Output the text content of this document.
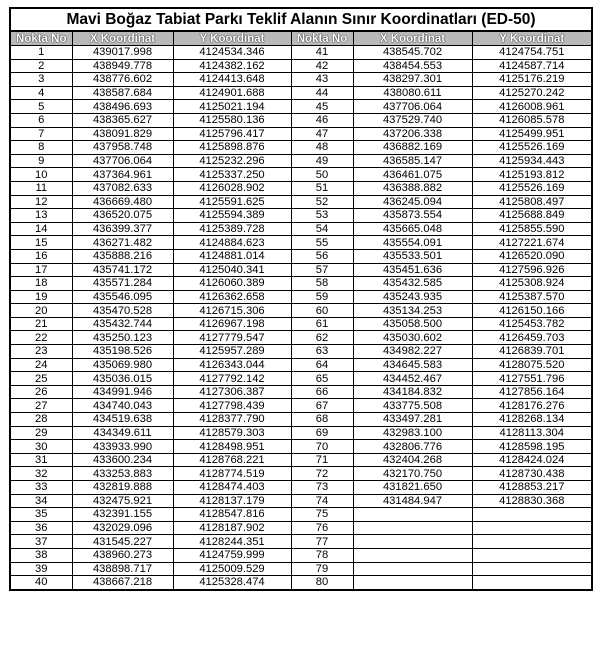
Mavi Boğaz Tabiat Parkı Teklif Alanın Sınır Koordinatları (ED-50)					
Nokta No	X Koordinat	Y Koordinat	Nokta No	X Koordinat	Y Koordinat
1	439017.998	4124534.346	41	438545.702	4124754.751
2	438949.778	4124382.162	42	438454.553	4124587.714
3	438776.602	4124413.648	43	438297.301	4125176.219
4	438587.684	4124901.688	44	438080.611	4125270.242
5	438496.693	4125021.194	45	437706.064	4126008.961
6	438365.627	4125580.136	46	437529.740	4126085.578
7	438091.829	4125796.417	47	437206.338	4125499.951
8	437958.748	4125898.876	48	436882.169	4125526.169
9	437706.064	4125232.296	49	436585.147	4125934.443
10	437364.961	4125337.250	50	436461.075	4125193.812
11	437082.633	4126028.902	51	436388.882	4125526.169
12	436669.480	4125591.625	52	436245.094	4125808.497
13	436520.075	4125594.389	53	435873.554	4125688.849
14	436399.377	4125389.728	54	435665.048	4125855.590
15	436271.482	4124884.623	55	435554.091	4127221.674
16	435888.216	4124881.014	56	435533.501	4126520.090
17	435741.172	4125040.341	57	435451.636	4127596.926
18	435571.284	4126060.389	58	435432.585	4125308.924
19	435546.095	4126362.658	59	435243.935	4125387.570
20	435470.528	4126715.306	60	435134.253	4126150.166
21	435432.744	4126967.198	61	435058.500	4125453.782
22	435250.123	4127779.547	62	435030.602	4126459.703
23	435198.526	4125957.289	63	434982.227	4126839.701
24	435069.980	4126343.044	64	434645.583	4128075.520
25	435036.015	4127792.142	65	434452.467	4127551.796
26	434991.946	4127306.387	66	434184.832	4127856.164
27	434740.043	4127798.439	67	433775.508	4128176.276
28	434519.638	4128377.790	68	433497.281	4128268.134
29	434349.611	4128579.303	69	432983.100	4128113.304
30	433933.990	4128498.951	70	432806.776	4128598.195
31	433600.234	4128768.221	71	432404.268	4128424.024
32	433253.883	4128774.519	72	432170.750	4128730.438
33	432819.888	4128474.403	73	431821.650	4128853.217
34	432475.921	4128137.179	74	431484.947	4128830.368
35	432391.155	4128547.816	75		
36	432029.096	4128187.902	76		
37	431545.227	4128244.351	77		
38	438960.273	4124759.999	78		
39	438898.717	4125009.529	79		
40	438667.218	4125328.474	80		
